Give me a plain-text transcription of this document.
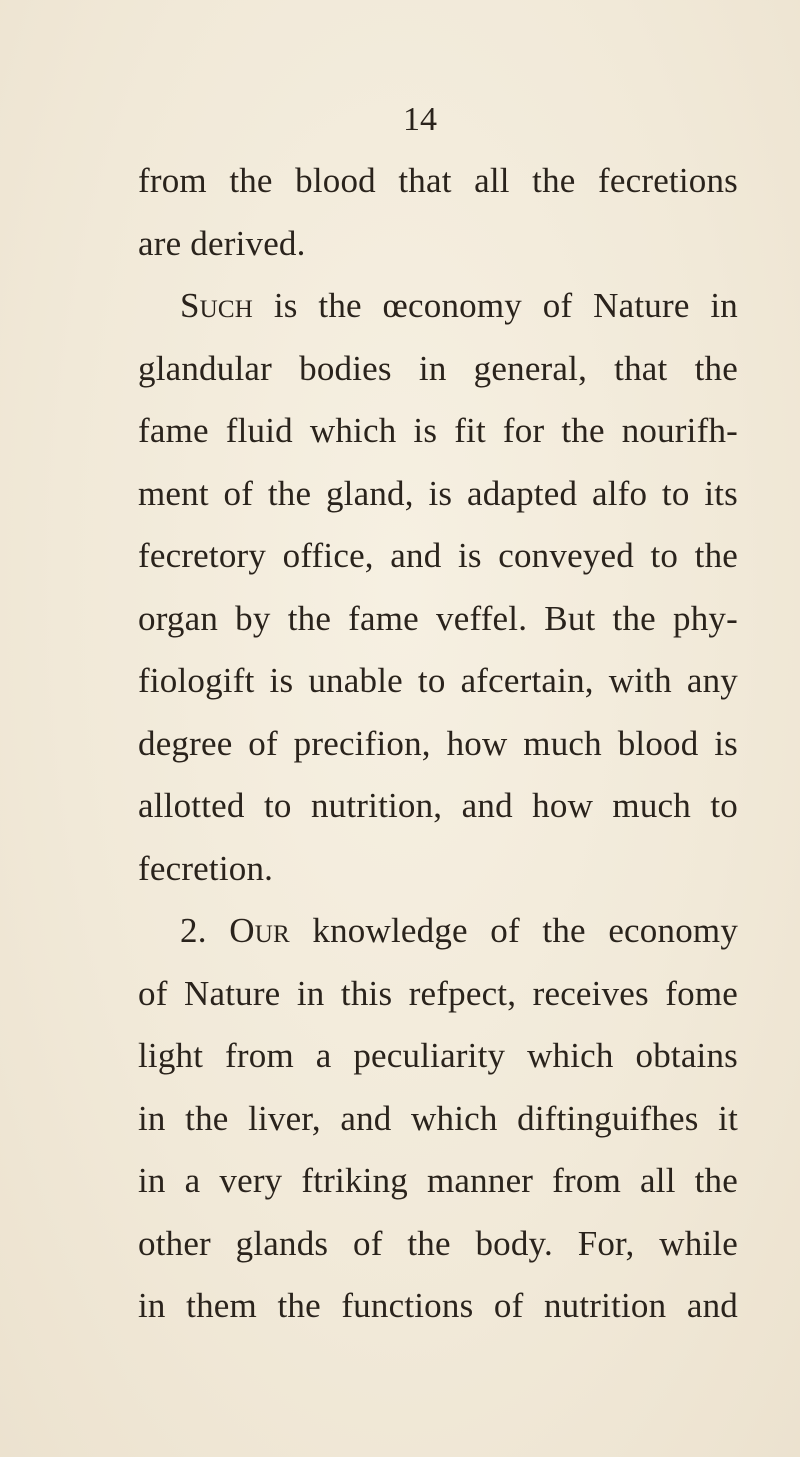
14
from the blood that all the fecretions
are derived.
Such is the œconomy of Nature in
glandular bodies in general, that the
fame fluid which is fit for the nourifh-
ment of the gland, is adapted alfo to its
fecretory office, and is conveyed to the
organ by the fame veffel. But the phy-
fiologift is unable to afcertain, with any
degree of precifion, how much blood is
allotted to nutrition, and how much to
fecretion.
2. Our knowledge of the economy
of Nature in this refpect, receives fome
light from a peculiarity which obtains
in the liver, and which diftinguifhes it
in a very ftriking manner from all the
other glands of the body. For, while
in them the functions of nutrition and
